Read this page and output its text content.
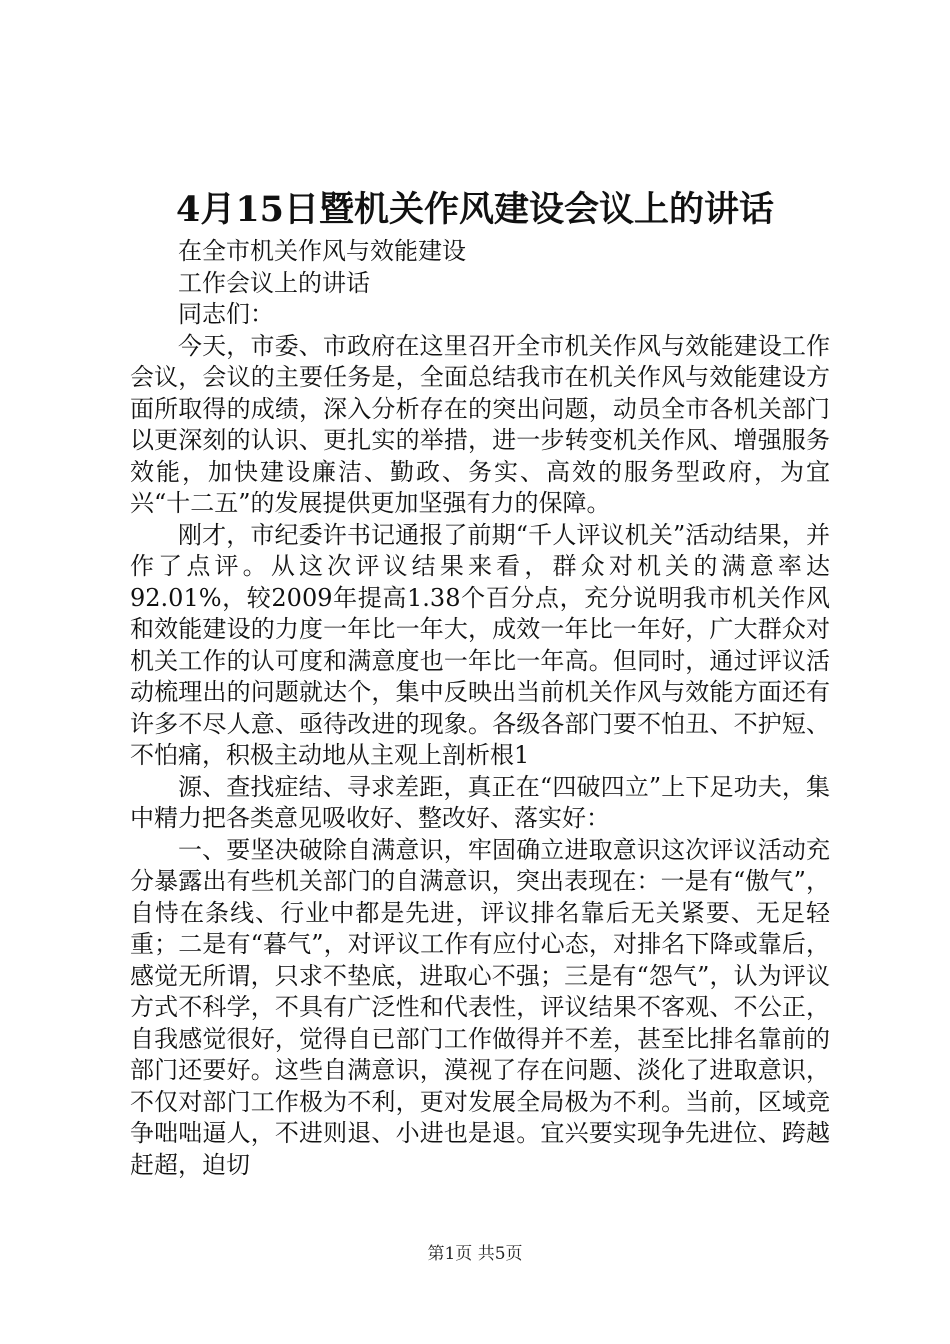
4月15日暨机关作风建设会议上的讲话

在全市机关作风与效能建设

工作会议上的讲话

同志们：

今天，市委、市政府在这里召开全市机关作风与效能建设工作会议，会议的主要任务是，全面总结我市在机关作风与效能建设方面所取得的成绩，深入分析存在的突出问题，动员全市各机关部门以更深刻的认识、更扎实的举措，进一步转变机关作风、增强服务效能，加快建设廉洁、勤政、务实、高效的服务型政府，为宜兴“十二五”的发展提供更加坚强有力的保障。

刚才，市纪委许书记通报了前期“千人评议机关”活动结果，并作了点评。从这次评议结果来看，群众对机关的满意率达92.01%，较2009年提高1.38个百分点，充分说明我市机关作风和效能建设的力度一年比一年大，成效一年比一年好，广大群众对机关工作的认可度和满意度也一年比一年高。但同时，通过评议活动梳理出的问题就达个，集中反映出当前机关作风与效能方面还有许多不尽人意、亟待改进的现象。各级各部门要不怕丑、不护短、不怕痛，积极主动地从主观上剖析根1

源、查找症结、寻求差距，真正在“四破四立”上下足功夫，集中精力把各类意见吸收好、整改好、落实好：

一、要坚决破除自满意识，牢固确立进取意识这次评议活动充分暴露出有些机关部门的自满意识，突出表现在：一是有“傲气”，自恃在条线、行业中都是先进，评议排名靠后无关紧要、无足轻重；二是有“暮气”，对评议工作有应付心态，对排名下降或靠后，感觉无所谓，只求不垫底，进取心不强；三是有“怨气”，认为评议方式不科学，不具有广泛性和代表性，评议结果不客观、不公正，自我感觉很好，觉得自已部门工作做得并不差，甚至比排名靠前的部门还要好。这些自满意识，漠视了存在问题、淡化了进取意识，不仅对部门工作极为不利，更对发展全局极为不利。当前，区域竞争咄咄逼人，不进则退、小进也是退。宜兴要实现争先进位、跨越赶超，迫切

第1页 共5页
